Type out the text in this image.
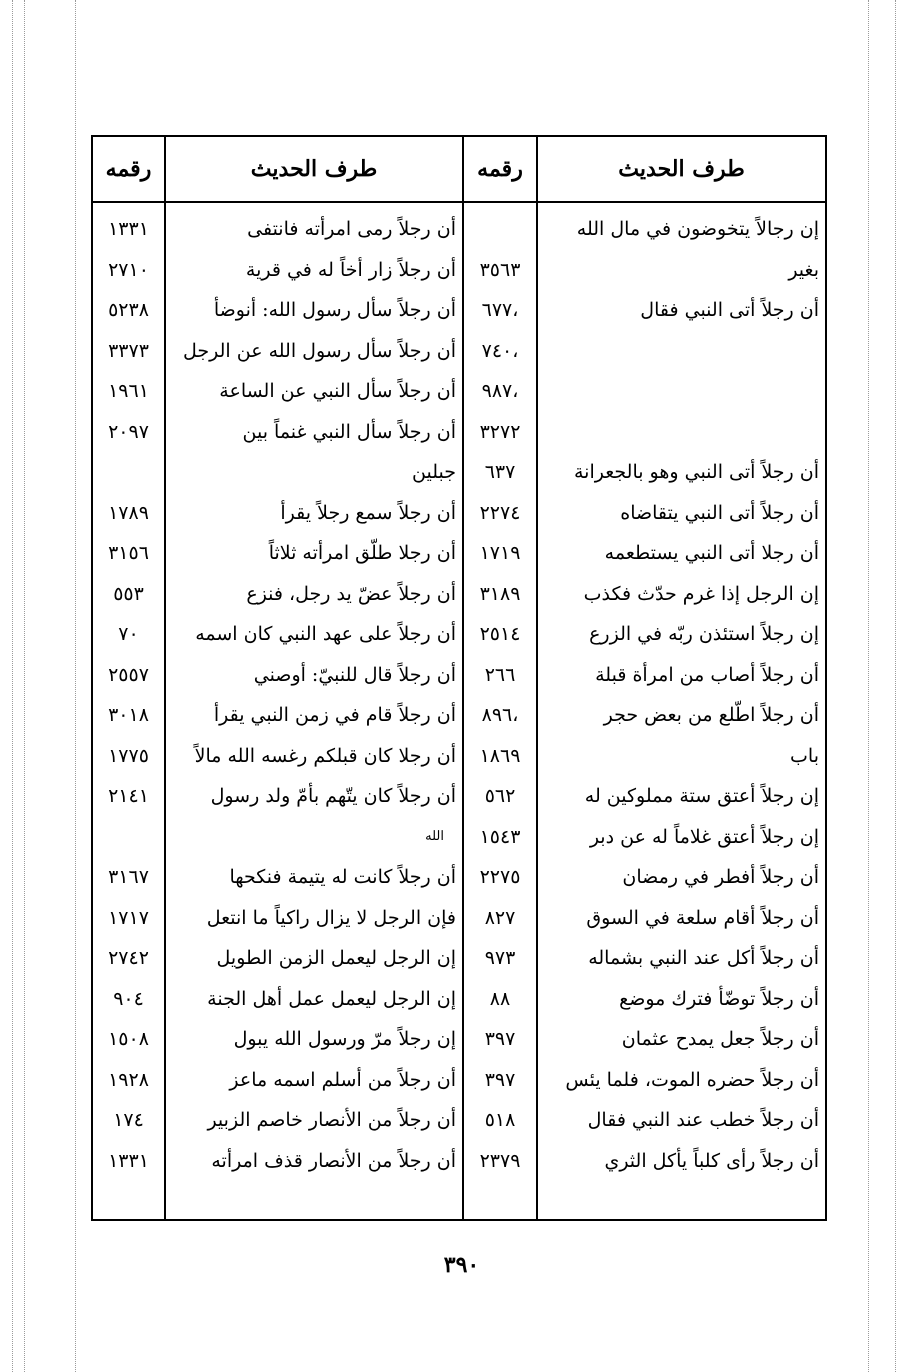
طرف الحديث
رقمه
طرف الحديث
رقمه
إن رجالاً يتخوضون في مال الله
أن رجلاً رمى امرأته فانتفى
١٣٣١
بغير
٣٥٦٣
أن رجلاً زار أخاً له في قرية
٢٧١٠
أن رجلاً أتى النبي فقال
،٦٧٧
أن رجلاً سأل رسول الله: أنوضأ
٥٢٣٨
،٧٤٠
أن رجلاً سأل رسول الله عن الرجل
٣٣٧٣
،٩٨٧
أن رجلاً سأل النبي عن الساعة
١٩٦١
٣٢٧٢
أن رجلاً سأل النبي غنماً بين
٢٠٩٧
أن رجلاً أتى النبي وهو بالجعرانة
٦٣٧
جبلين
أن رجلاً أتى النبي يتقاضاه
٢٢٧٤
أن رجلاً سمع رجلاً يقرأ
١٧٨٩
أن رجلا أتى النبي يستطعمه
١٧١٩
أن رجلا طلّق امرأته ثلاثاً
٣١٥٦
إن الرجل إذا غرم حدّث فكذب
٣١٨٩
أن رجلاً عضّ يد رجل، فنزع
٥٥٣
إن رجلاً استئذن ربّه في الزرع
٢٥١٤
أن رجلاً على عهد النبي كان اسمه
٧٠
أن رجلاً أصاب من امرأة قبلة
٢٦٦
أن رجلاً قال للنبيّ: أوصني
٢٥٥٧
أن رجلاً اطّلع من بعض حجر
،٨٩٦
أن رجلاً قام في زمن النبي يقرأ
٣٠١٨
باب
١٨٦٩
أن رجلا كان قبلكم رغسه الله مالاً
١٧٧٥
إن رجلاً أعتق ستة مملوكين له
٥٦٢
أن رجلاً كان يتّهم بأمّ ولد رسول
٢١٤١
إن رجلاً أعتق غلاماً له عن دبر
١٥٤٣
الله
أن رجلاً أفطر في رمضان
٢٢٧٥
أن رجلاً كانت له يتيمة فنكحها
٣١٦٧
أن رجلاً أقام سلعة في السوق
٨٢٧
فإن الرجل لا يزال راكياً ما انتعل
١٧١٧
أن رجلاً أكل عند النبي بشماله
٩٧٣
إن الرجل ليعمل الزمن الطويل
٢٧٤٢
أن رجلاً توضّأ فترك موضع
٨٨
إن الرجل ليعمل عمل أهل الجنة
٩٠٤
أن رجلاً جعل يمدح عثمان
٣٩٧
إن رجلاً مرّ ورسول الله يبول
١٥٠٨
أن رجلاً حضره الموت، فلما يئس
٣٩٧
أن رجلاً من أسلم اسمه ماعز
١٩٢٨
أن رجلاً خطب عند النبي فقال
٥١٨
أن رجلاً من الأنصار خاصم الزبير
١٧٤
أن رجلاً رأى كلباً يأكل الثري
٢٣٧٩
أن رجلاً من الأنصار قذف امرأته
١٣٣١
٣٩٠
